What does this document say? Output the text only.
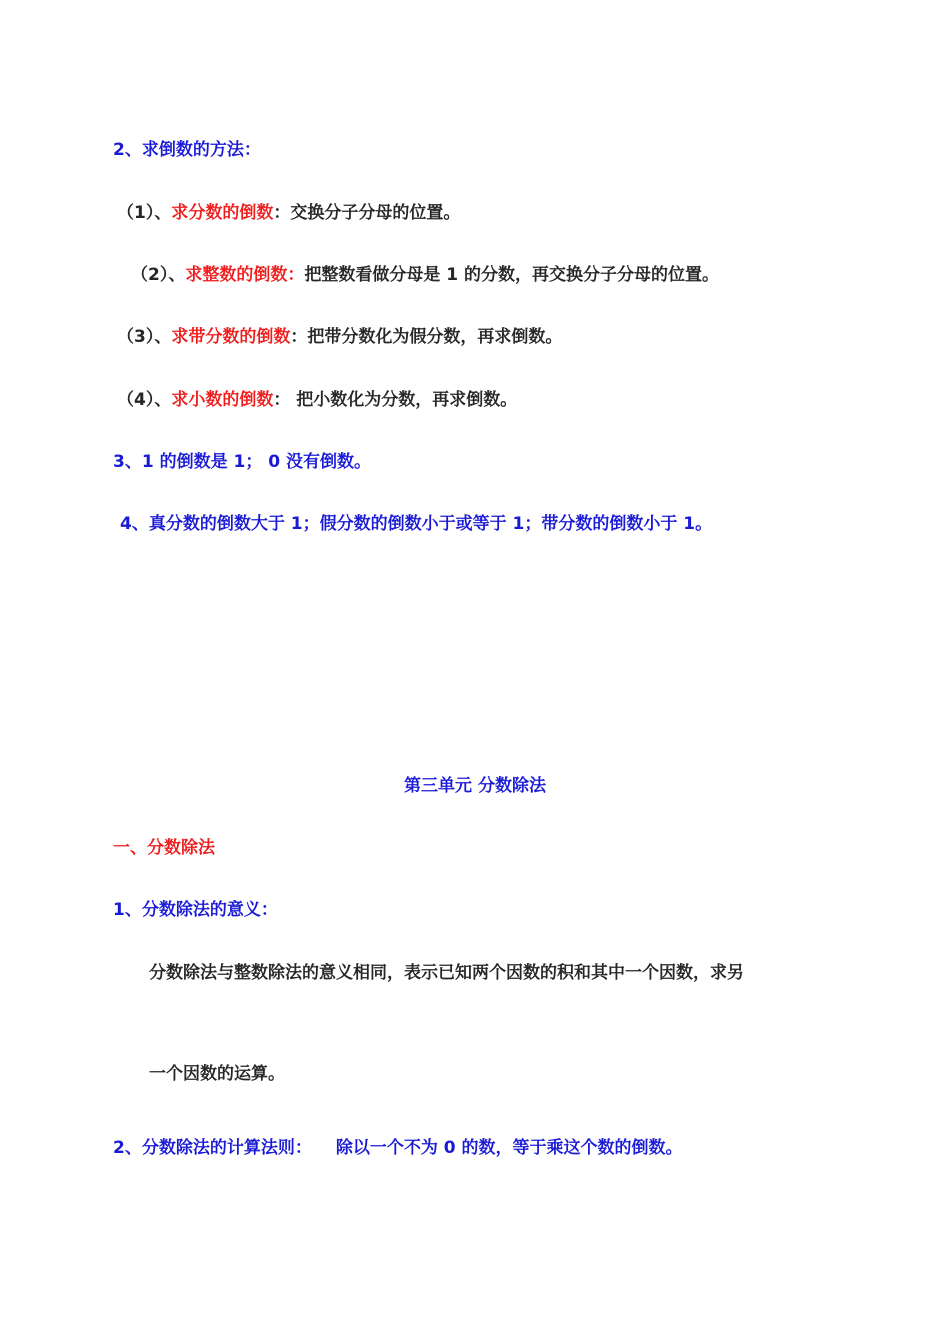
2、求倒数的方法：
（1）、求分数的倒数：交换分子分母的位置。
（2）、求整数的倒数：把整数看做分母是 1 的分数，再交换分子分母的位置。
（3）、求带分数的倒数：把带分数化为假分数，再求倒数。
（4）、求小数的倒数： 把小数化为分数，再求倒数。
3、1 的倒数是 1； 0 没有倒数。
4、真分数的倒数大于 1；假分数的倒数小于或等于 1；带分数的倒数小于 1。
第三单元 分数除法
一、分数除法
1、分数除法的意义：
分数除法与整数除法的意义相同，表示已知两个因数的积和其中一个因数，求另
一个因数的运算。
2、分数除法的计算法则： 除以一个不为 0 的数，等于乘这个数的倒数。
